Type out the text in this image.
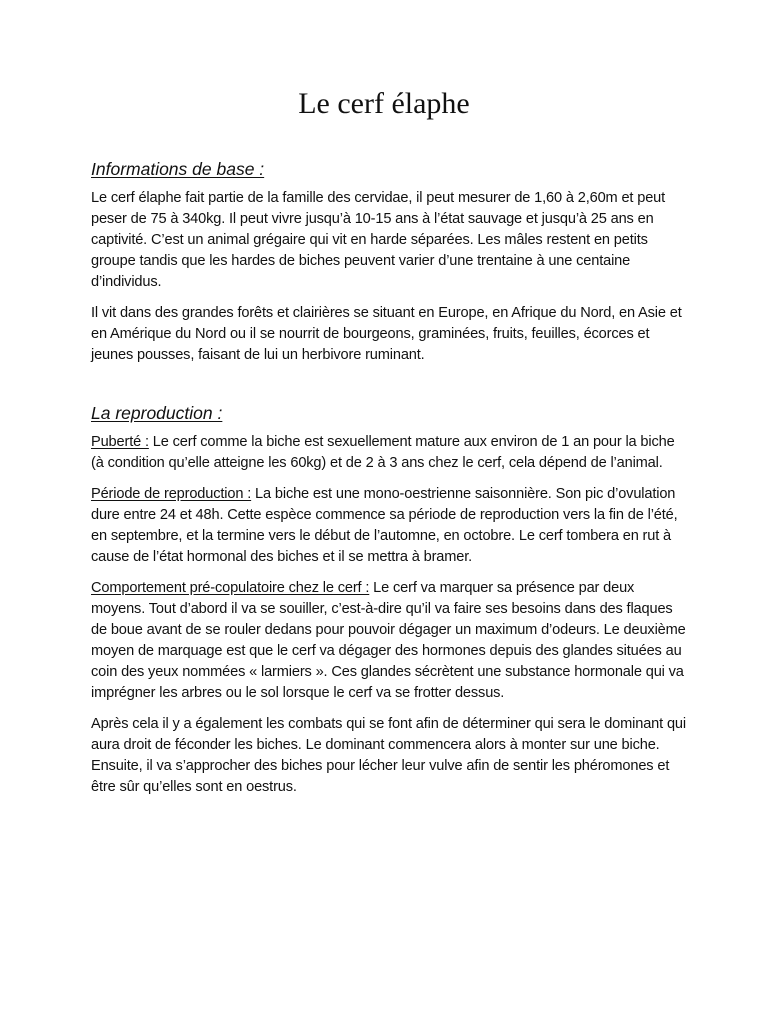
Le cerf élaphe
Informations de base :

Le cerf élaphe fait partie de la famille des cervidae, il peut mesurer de 1,60 à 2,60m et peut peser de 75 à 340kg. Il peut vivre jusqu’à 10-15 ans à l’état sauvage et jusqu’à 25 ans en captivité. C’est un animal grégaire qui vit en harde séparées. Les mâles restent en petits groupe tandis que les hardes de biches peuvent varier d’une trentaine à une centaine d’individus.

Il vit dans des grandes forêts et clairières se situant en Europe, en Afrique du Nord, en Asie et en Amérique du Nord ou il se nourrit de bourgeons, graminées, fruits, feuilles, écorces et jeunes pousses, faisant de lui un herbivore ruminant.

La reproduction :

Puberté : Le cerf comme la biche est sexuellement mature aux environ de 1 an pour la biche (à condition qu’elle atteigne les 60kg) et de 2 à 3 ans chez le cerf, cela dépend de l’animal.

Période de reproduction : La biche est une mono-oestrienne saisonnière. Son pic d’ovulation dure entre 24 et 48h. Cette espèce commence sa période de reproduction vers la fin de l’été, en septembre, et la termine vers le début de l’automne, en octobre. Le cerf tombera en rut à cause de l’état hormonal des biches et il se mettra à bramer.

Comportement pré-copulatoire chez le cerf : Le cerf va marquer sa présence par deux moyens. Tout d’abord il va se souiller, c’est-à-dire qu’il va faire ses besoins dans des flaques de boue avant de se rouler dedans pour pouvoir dégager un maximum d’odeurs. Le deuxième moyen de marquage est que le cerf va dégager des hormones depuis des glandes situées au coin des yeux nommées « larmiers ». Ces glandes sécrètent une substance hormonale qui va imprégner les arbres ou le sol lorsque le cerf va se frotter dessus.

Après cela il y a également les combats qui se font afin de déterminer qui sera le dominant qui aura droit de féconder les biches. Le dominant commencera alors à monter sur une biche. Ensuite, il va s’approcher des biches pour lécher leur vulve afin de sentir les phéromones et être sûr qu’elles sont en oestrus.
